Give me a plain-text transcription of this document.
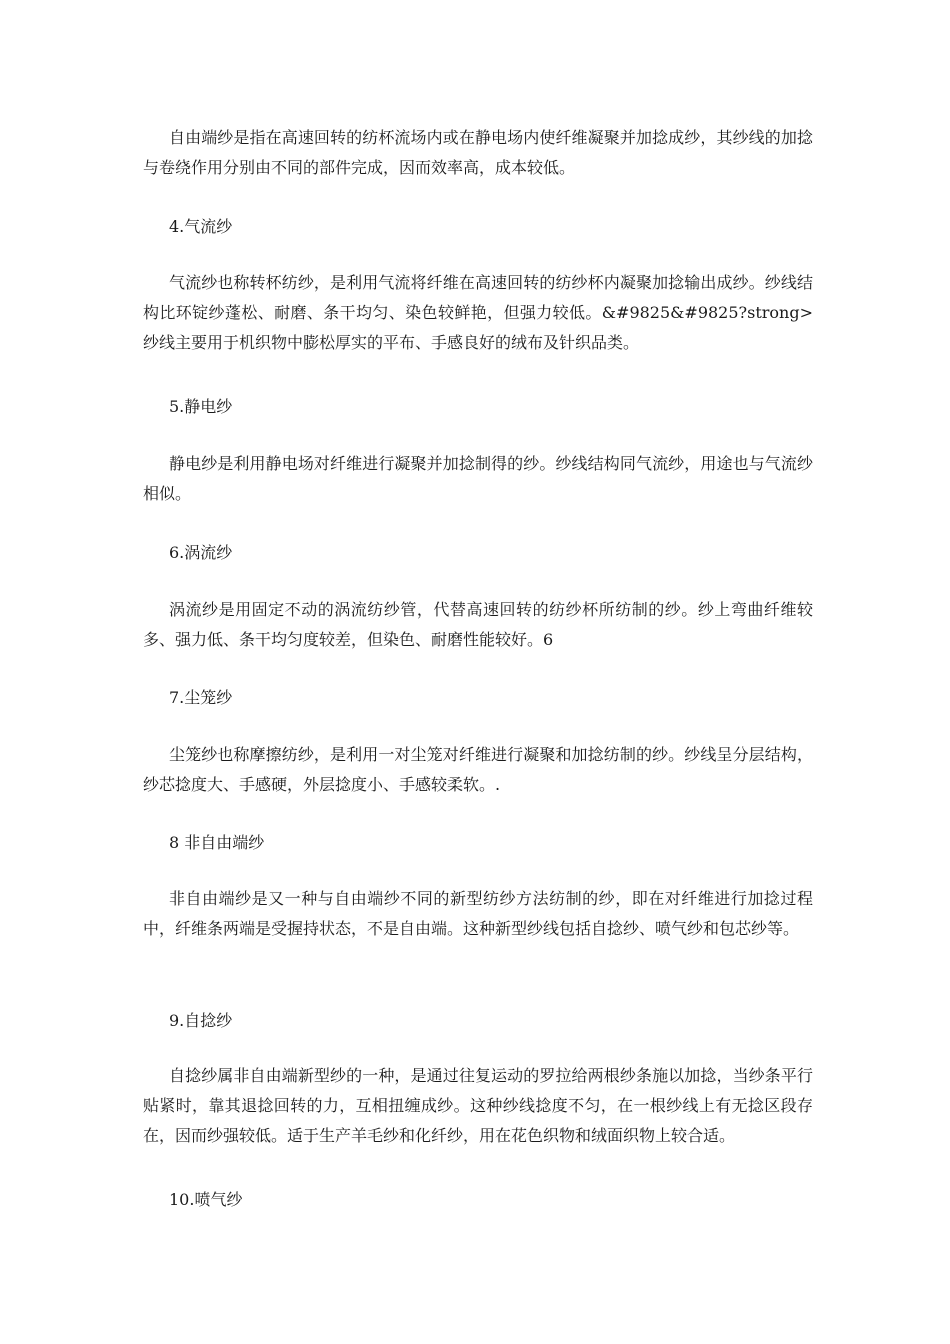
自由端纱是指在高速回转的纺杯流场内或在静电场内使纤维凝聚并加捻成纱，其纱线的加捻与卷绕作用分别由不同的部件完成，因而效率高，成本较低。

4.气流纱

气流纱也称转杯纺纱，是利用气流将纤维在高速回转的纺纱杯内凝聚加捻输出成纱。纱线结构比环锭纱蓬松、耐磨、条干均匀、染色较鲜艳，但强力较低。&#9825&#9825?strong>纱线主要用于机织物中膨松厚实的平布、手感良好的绒布及针织品类。

5.静电纱

静电纱是利用静电场对纤维进行凝聚并加捻制得的纱。纱线结构同气流纱，用途也与气流纱相似。

6.涡流纱

涡流纱是用固定不动的涡流纺纱管，代替高速回转的纺纱杯所纺制的纱。纱上弯曲纤维较多、强力低、条干均匀度较差，但染色、耐磨性能较好。6

7.尘笼纱

尘笼纱也称摩擦纺纱，是利用一对尘笼对纤维进行凝聚和加捻纺制的纱。纱线呈分层结构，纱芯捻度大、手感硬，外层捻度小、手感较柔软。.

8 非自由端纱

非自由端纱是又一种与自由端纱不同的新型纺纱方法纺制的纱，即在对纤维进行加捻过程中，纤维条两端是受握持状态，不是自由端。这种新型纱线包括自捻纱、喷气纱和包芯纱等。

9.自捻纱

自捻纱属非自由端新型纱的一种，是通过往复运动的罗拉给两根纱条施以加捻，当纱条平行贴紧时，靠其退捻回转的力，互相扭缠成纱。这种纱线捻度不匀，在一根纱线上有无捻区段存在，因而纱强较低。适于生产羊毛纱和化纤纱，用在花色织物和绒面织物上较合适。

10.喷气纱
